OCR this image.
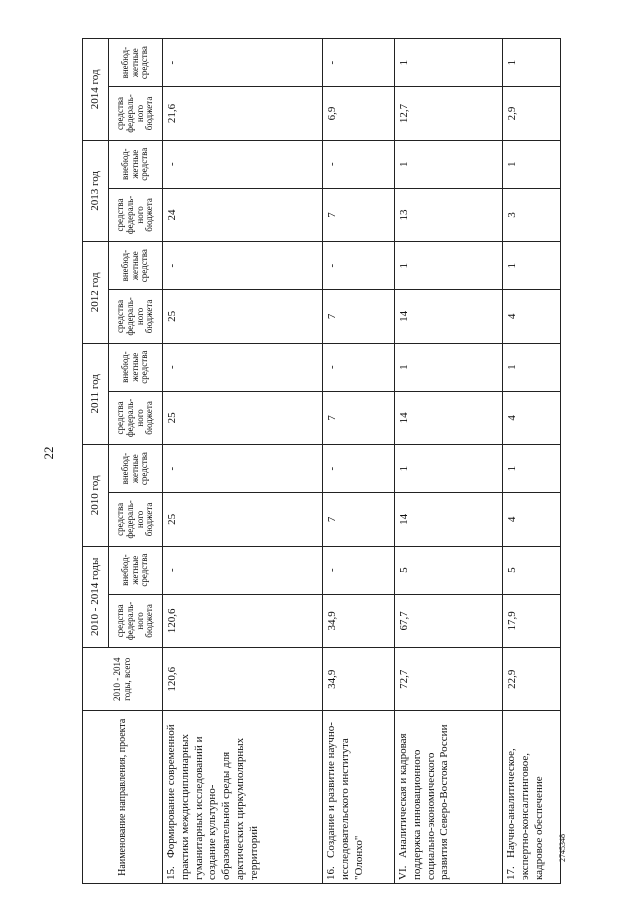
22
2745348
Наименование направления, проекта	2010 - 2014 годы, всего	2010 - 2014 годы		2010 год		2011 год		2012 год		2013 год		2014 год	
		средства федераль- ного бюджета	внебюд- жетные средства	средства федераль- ного бюджета	внебюд- жетные средства	средства федераль- ного бюджета	внебюд- жетные средства	средства федераль- ного бюджета	внебюд- жетные средства	средства федераль- ного бюджета	внебюд- жетные средства	средства федераль- ного бюджета	внебюд- жетные средства
15.Формирование современной практики междисциплинарных гуманитарных исследований и создание культурно-образовательной среды для арктических циркумполярных территорий	120,6	120,6	-	25	-	25	-	25	-	24	-	21,6	-
16.Создание и развитие научно-исследовательского института "Олонхо"	34,9	34,9	-	7	-	7	-	7	-	7	-	6,9	-
VI.Аналитическая и кадровая поддержка инновационного социально-экономического развития Северо-Востока России	72,7	67,7	5	14	1	14	1	14	1	13	1	12,7	1
17.Научно-аналитическое, экспертно-консалтинговое, кадровое обеспечение	22,9	17,9	5	4	1	4	1	4	1	3	1	2,9	1
